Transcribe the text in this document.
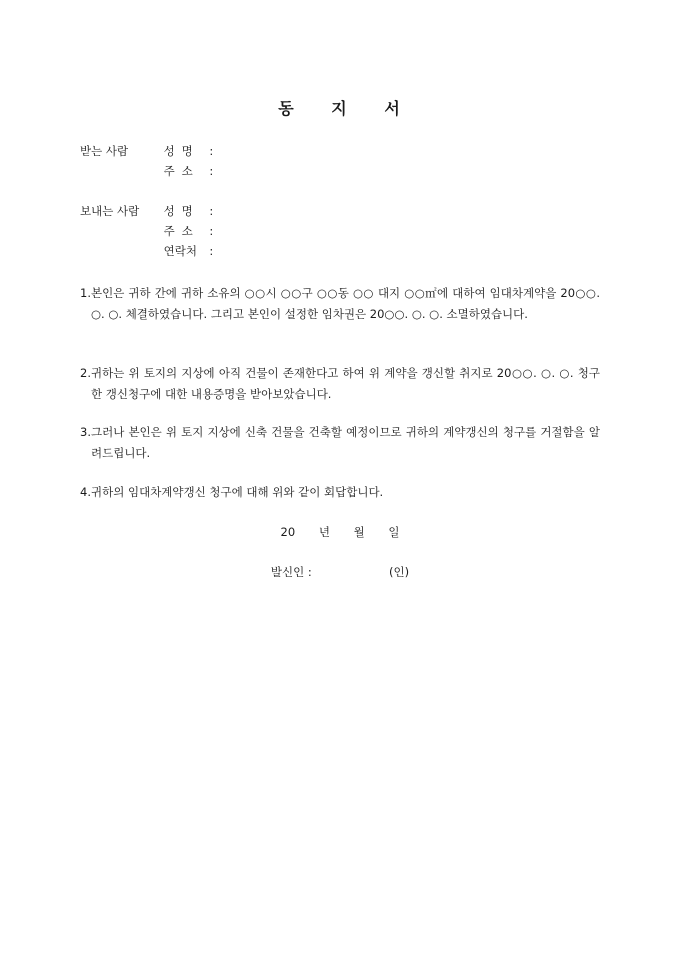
동 지 서
받는 사람	성 명 :
주 소 :
보내는 사람 성 명 :
주 소 :
연락처 :
1. 본인은 귀하 간에 귀하 소유의 ○○시 ○○구 ○○동 ○○ 대지 ○○㎡에 대하여 임대차계약을 20○○. ○. ○. 체결하였습니다. 그리고 본인이 설정한 임차권은 20○○. ○. ○. 소멸하였습니다.
2. 귀하는 위 토지의 지상에 아직 건물이 존재한다고 하여 위 계약을 갱신할 취지로 20○○. ○. ○. 청구한 갱신청구에 대한 내용증명을 받아보았습니다.
3. 그러나 본인은 위 토지 지상에 신축 건물을 건축할 예정이므로 귀하의 계약갱신의 청구를 거절함을 알려드립니다.
4. 귀하의 임대차계약갱신 청구에 대해 위와 같이 회답합니다.
20 년 월 일
발신인 :	(인)
